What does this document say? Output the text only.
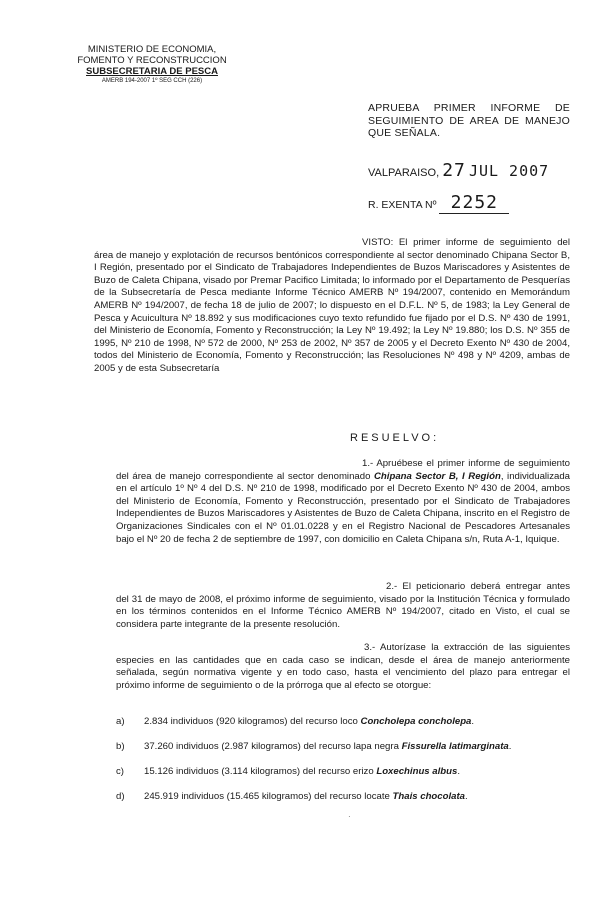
MINISTERIO DE ECONOMIA,
FOMENTO Y RECONSTRUCCION
SUBSECRETARIA DE PESCA
AMERB 194-2007 1º SEG CCH (226)
APRUEBA PRIMER INFORME DE SEGUIMIENTO DE AREA DE MANEJO QUE SEÑALA.
VALPARAISO, 27 JUL 2007
R. EXENTA Nº 2252
VISTO: El primer informe de seguimiento del área de manejo y explotación de recursos bentónicos correspondiente al sector denominado Chipana Sector B, I Región, presentado por el Sindicato de Trabajadores Independientes de Buzos Mariscadores y Asistentes de Buzo de Caleta Chipana, visado por Premar Pacifico Limitada; lo informado por el Departamento de Pesquerías de la Subsecretaría de Pesca mediante Informe Técnico AMERB Nº 194/2007, contenido en Memorándum AMERB Nº 194/2007, de fecha 18 de julio de 2007; lo dispuesto en el D.F.L. Nº 5, de 1983; la Ley General de Pesca y Acuicultura Nº 18.892 y sus modificaciones cuyo texto refundido fue fijado por el D.S. Nº 430 de 1991, del Ministerio de Economía, Fomento y Reconstrucción; la Ley Nº 19.492; la Ley Nº 19.880; los D.S. Nº 355 de 1995, Nº 210 de 1998, Nº 572 de 2000, Nº 253 de 2002, Nº 357 de 2005 y el Decreto Exento Nº 430 de 2004, todos del Ministerio de Economía, Fomento y Reconstrucción; las Resoluciones Nº 498 y Nº 4209, ambas de 2005 y de esta Subsecretaría
RESUELVO:
1.- Apruébese el primer informe de seguimiento del área de manejo correspondiente al sector denominado Chipana Sector B, I Región, individualizada en el artículo 1º Nº 4 del D.S. Nº 210 de 1998, modificado por el Decreto Exento Nº 430 de 2004, ambos del Ministerio de Economía, Fomento y Reconstrucción, presentado por el Sindicato de Trabajadores Independientes de Buzos Mariscadores y Asistentes de Buzo de Caleta Chipana, inscrito en el Registro de Organizaciones Sindicales con el Nº 01.01.0228 y en el Registro Nacional de Pescadores Artesanales bajo el Nº 20 de fecha 2 de septiembre de 1997, con domicilio en Caleta Chipana s/n, Ruta A-1, Iquique.
2.- El peticionario deberá entregar antes del 31 de mayo de 2008, el próximo informe de seguimiento, visado por la Institución Técnica y formulado en los términos contenidos en el Informe Técnico AMERB Nº 194/2007, citado en Visto, el cual se considera parte integrante de la presente resolución.
3.- Autorízase la extracción de las siguientes especies en las cantidades que en cada caso se indican, desde el área de manejo anteriormente señalada, según normativa vigente y en todo caso, hasta el vencimiento del plazo para entregar el próximo informe de seguimiento o de la prórroga que al efecto se otorgue:
a) 2.834 individuos (920 kilogramos) del recurso loco Concholepa concholepa.
b) 37.260 individuos (2.987 kilogramos) del recurso lapa negra Fissurella latimarginata.
c) 15.126 individuos (3.114 kilogramos) del recurso erizo Loxechinus albus.
d) 245.919 individuos (15.465 kilogramos) del recurso locate Thais chocolata.
·
